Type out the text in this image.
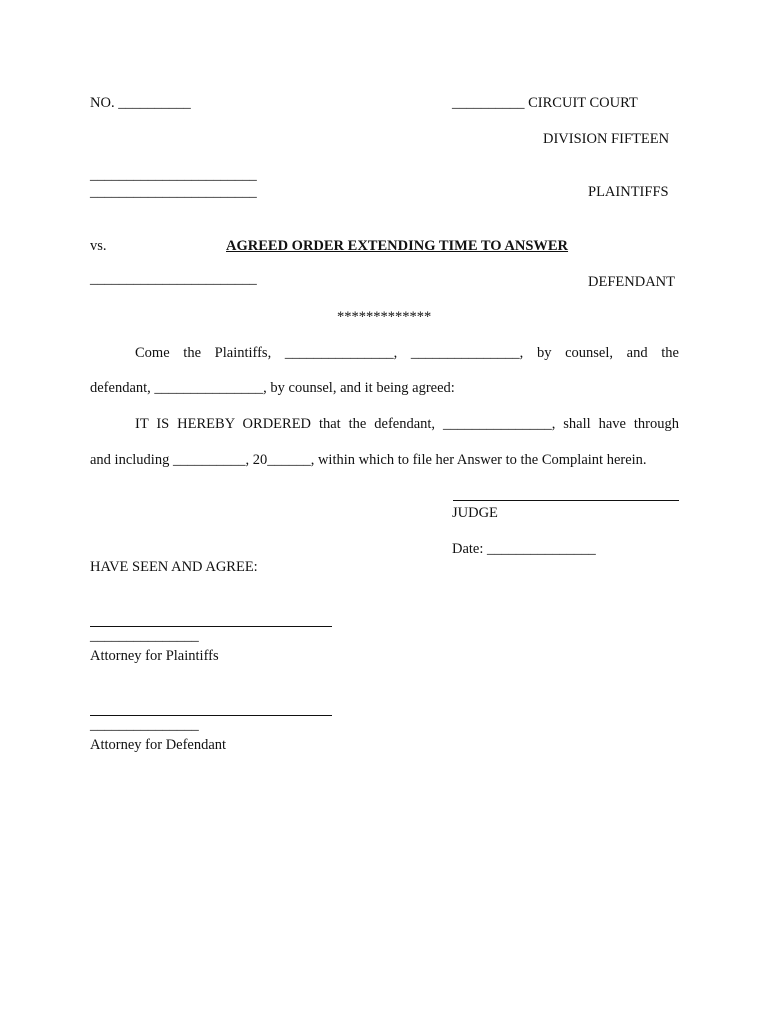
NO. __________	__________ CIRCUIT COURT
DIVISION FIFTEEN
_______________________
_______________________	PLAINTIFFS
vs.	AGREED ORDER EXTENDING TIME TO ANSWER
_______________________	DEFENDANT
*************
Come the Plaintiffs, _______________, _______________, by counsel, and the
defendant, _______________, by counsel, and it being agreed:
IT IS HEREBY ORDERED that the defendant, _______________, shall have through
and including __________, 20______, within which to file her Answer to the Complaint herein.
JUDGE
Date: _______________
HAVE SEEN AND AGREE:
_______________
Attorney for Plaintiffs
_______________
Attorney for Defendant
